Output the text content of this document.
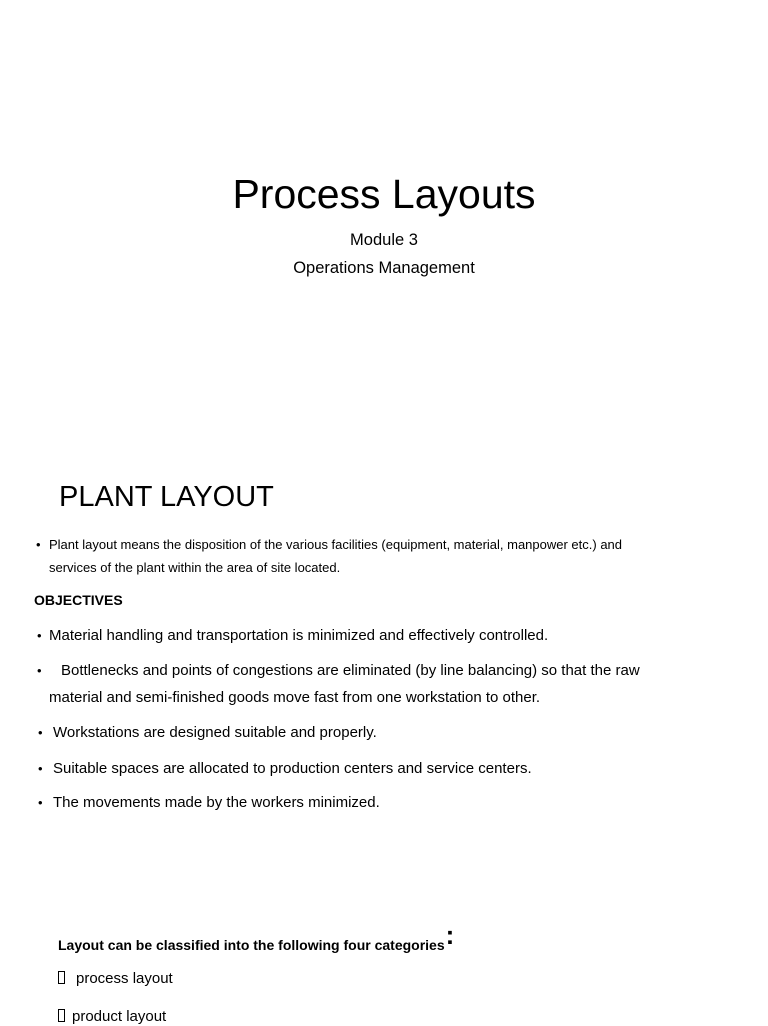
Process Layouts
Module 3
Operations Management
PLANT LAYOUT
• Plant layout means the disposition of the various facilities (equipment, material, manpower etc.) and
services of the plant within the area of site located.
OBJECTIVES
• Material handling and transportation is minimized and effectively controlled.
• Bottlenecks and points of congestions are eliminated (by line balancing) so that the raw
material and semi-finished goods move fast from one workstation to other.
• Workstations are designed suitable and properly.
• Suitable spaces are allocated to production centers and service centers.
• The movements made by the workers minimized.
Layout can be classified into the following four categories:
process layout
product layout
